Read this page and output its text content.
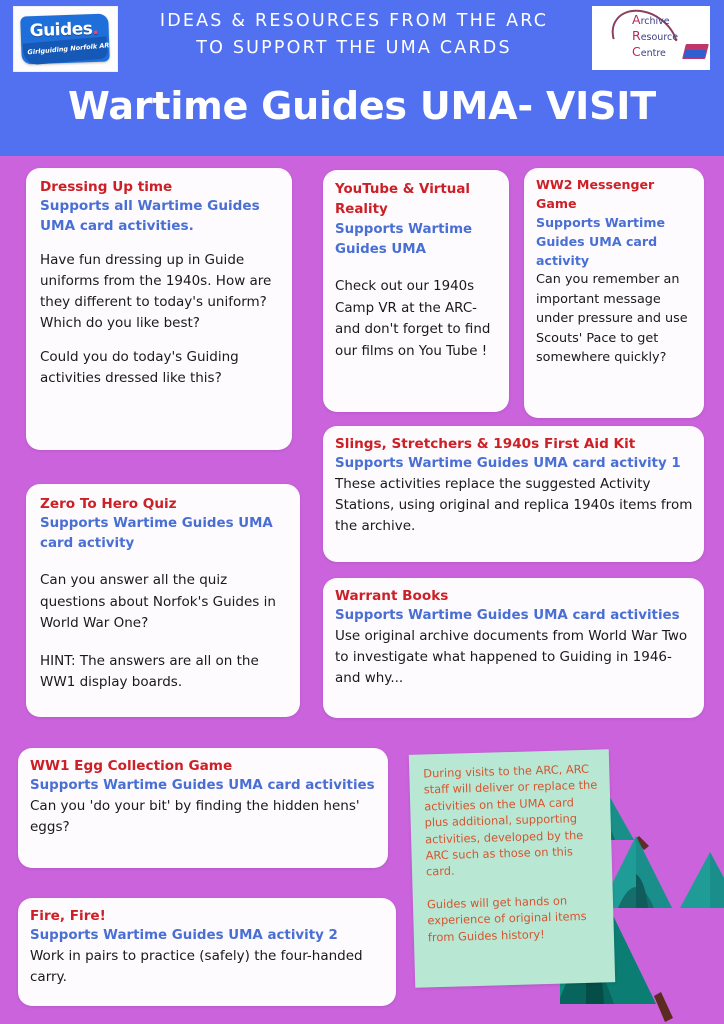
Guides.
Girlguiding Norfolk ARC
IDEAS & RESOURCES FROM THE ARC
TO SUPPORT THE UMA CARDS
Archive
Resource
Centre
Wartime Guides UMA- VISIT
Dressing Up time
Supports all Wartime Guides UMA card activities.
Have fun dressing up in Guide uniforms from the 1940s. How are they different to today's uniform? Which do you like best?
Could you do today's Guiding activities dressed like this?
YouTube & Virtual Reality
Supports Wartime Guides UMA
Check out our 1940s Camp VR at the ARC- and don't forget to find our films on You Tube !
WW2 Messenger Game
Supports Wartime Guides UMA card activity
Can you remember an important message under pressure and use Scouts' Pace to get somewhere quickly?
Slings, Stretchers & 1940s First Aid Kit
Supports Wartime Guides UMA card activity 1
These activities replace the suggested Activity Stations, using original and replica 1940s items from the archive.
Zero To Hero Quiz
Supports Wartime Guides UMA card activity
Can you answer all the quiz questions about Norfok's Guides in World War One?
HINT: The answers are all on the WW1 display boards.
Warrant Books
Supports Wartime Guides UMA card activities
Use original archive documents from World War Two to investigate what happened to Guiding in 1946- and why...
WW1 Egg Collection Game
Supports Wartime Guides UMA card activities
Can you 'do your bit' by finding the hidden hens' eggs?
Fire, Fire!
Supports Wartime Guides UMA activity 2
Work in pairs to practice (safely) the four-handed carry.

During visits to the ARC, ARC staff will deliver or replace the activities on the UMA card plus additional, supporting activities, developed by the ARC such as those on this card.

Guides will get hands on experience of original items from Guides history!
